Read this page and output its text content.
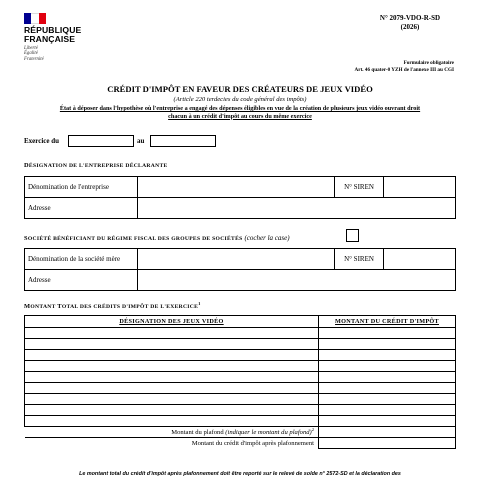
RÉPUBLIQUE
FRANÇAISE
Liberté
Égalité
Fraternité
N° 2079-VDO-R-SD
(2026)
Formulaire obligatoire
Art. 46 quater-0 YZH de l'annexe III au CGI
CRÉDIT D'IMPÔT EN FAVEUR DES CRÉATEURS DE JEUX VIDÉO
(Article 220 terdecies du code général des impôts)
État à déposer dans l'hypothèse où l'entreprise a engagé des dépenses éligibles en vue de la création de plusieurs jeux vidéo ouvrant droit
chacun à un crédit d'impôt au cours du même exercice
Exercice du	au
DÉSIGNATION DE L'ENTREPRISE DÉCLARANTE
Dénomination de l'entreprise		N° SIREN	
Adresse			
SOCIÉTÉ BÉNÉFICIANT DU RÉGIME FISCAL DES GROUPES DE SOCIÉTÉS (cocher la case)
Dénomination de la société mère		N° SIREN	
Adresse			
MONTANT TOTAL DES CRÉDITS D'IMPÔT DE L'EXERCICE$^1$
DÉSIGNATION DES JEUX VIDÉO	MONTANT DU CRÉDIT D'IMPÔT

Montant du plafond (indiquer le montant du plafond)$^2$	
Montant du crédit d'impôt après plafonnement	
Le montant total du crédit d'impôt après plafonnement doit être reporté sur le relevé de solde n° 2572-SD et la déclaration des
